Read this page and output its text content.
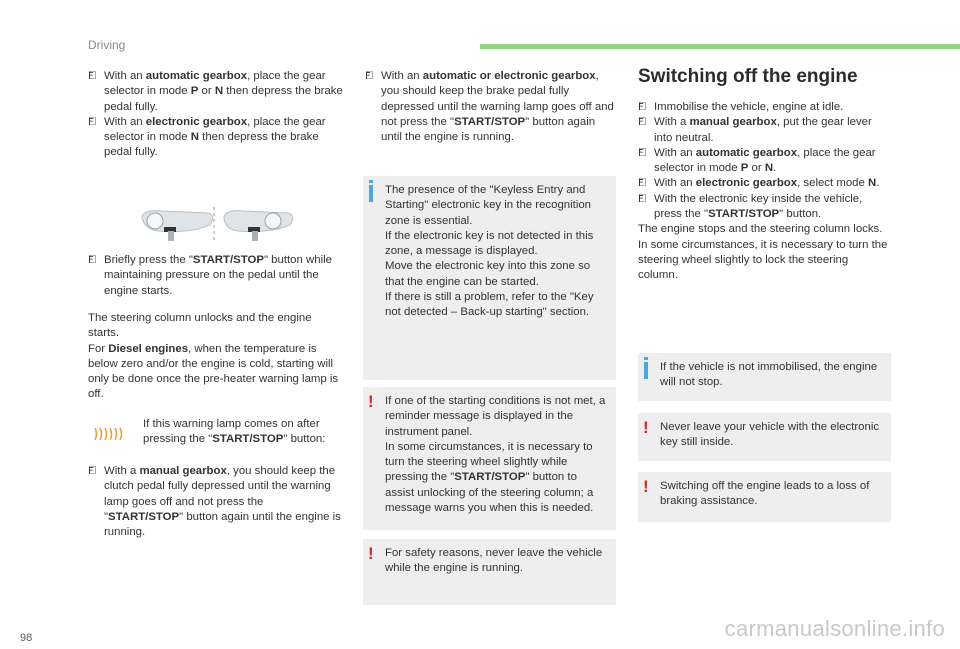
Driving

With an automatic gearbox, place the gear selector in mode P or N then depress the brake pedal fully.

With an electronic gearbox, place the gear selector in mode N then depress the brake pedal fully.

Briefly press the "START/STOP" button while maintaining pressure on the pedal until the engine starts.

The steering column unlocks and the engine starts.

For Diesel engines, when the temperature is below zero and/or the engine is cold, starting will only be done once the pre-heater warning lamp is off.

If this warning lamp comes on after pressing the "START/STOP" button:

With a manual gearbox, you should keep the clutch pedal fully depressed until the warning lamp goes off and not press the "START/STOP" button again until the engine is running.

With an automatic or electronic gearbox, you should keep the brake pedal fully depressed until the warning lamp goes off and not press the "START/STOP" button again until the engine is running.

The presence of the "Keyless Entry and Starting" electronic key in the recognition zone is essential.

If the electronic key is not detected in this zone, a message is displayed.

Move the electronic key into this zone so that the engine can be started.

If there is still a problem, refer to the "Key not detected – Back-up starting" section.

! If one of the starting conditions is not met, a reminder message is displayed in the instrument panel.

In some circumstances, it is necessary to turn the steering wheel slightly while pressing the "START/STOP" button to assist unlocking of the steering column; a message warns you when this is needed.

! For safety reasons, never leave the vehicle while the engine is running.

Switching off the engine

Immobilise the vehicle, engine at idle.

With a manual gearbox, put the gear lever into neutral.

With an automatic gearbox, place the gear selector in mode P or N.

With an electronic gearbox, select mode N.

With the electronic key inside the vehicle, press the "START/STOP" button.

The engine stops and the steering column locks.

In some circumstances, it is necessary to turn the steering wheel slightly to lock the steering column.

If the vehicle is not immobilised, the engine will not stop.

! Never leave your vehicle with the electronic key still inside.

! Switching off the engine leads to a loss of braking assistance.

98	carmanualsonline.info
